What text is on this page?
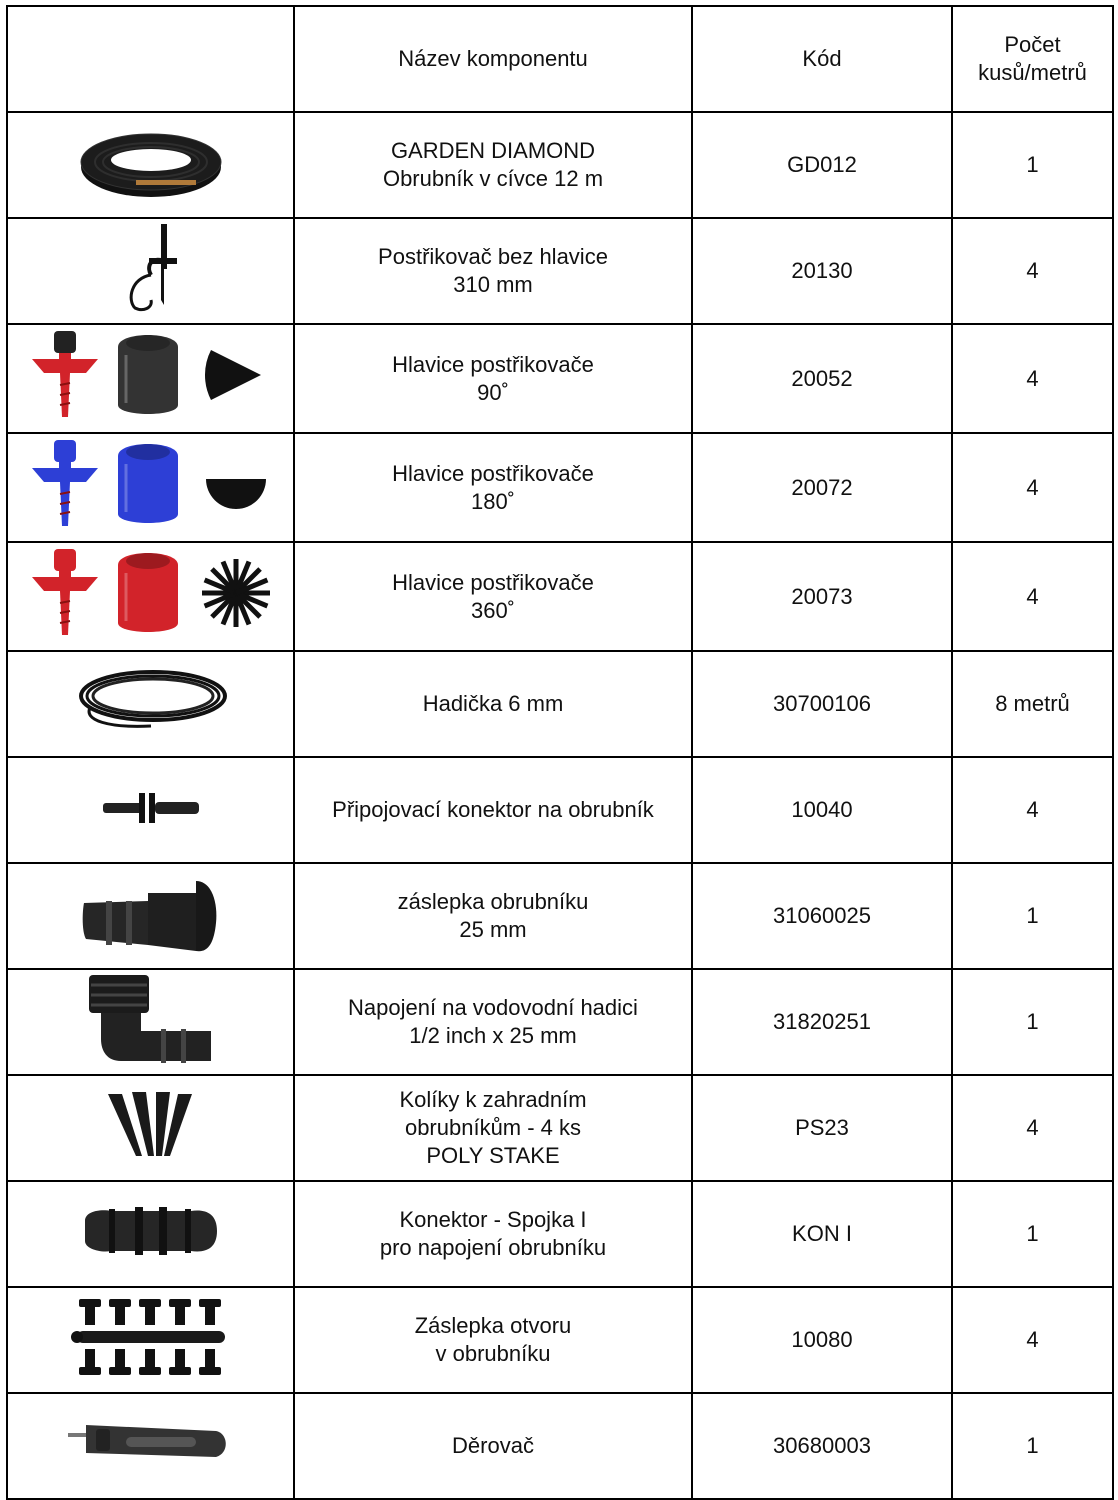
	Název komponentu	Kód	Počet
kusů/metrů

GARDEN DIAMOND
Obrubník v cívce 12 m	GD012	1

Postřikovač bez hlavice
310 mm	20130	4

Hlavice postřikovače
90˚	20052	4

Hlavice postřikovače
180˚	20072	4

Hlavice postřikovače
360˚	20073	4

Hadička 6 mm	30700106	8 metrů

Připojovací konektor na obrubník	10040	4

záslepka obrubníku
25 mm	31060025	1

Napojení na vodovodní hadici
1/2 inch x 25 mm	31820251	1

Kolíky k zahradním
obrubníkům - 4 ks
POLY STAKE	PS23	4

Konektor - Spojka I
pro napojení obrubníku	KON I	1

Záslepka otvoru
v obrubníku	10080	4

Děrovač	30680003	1
